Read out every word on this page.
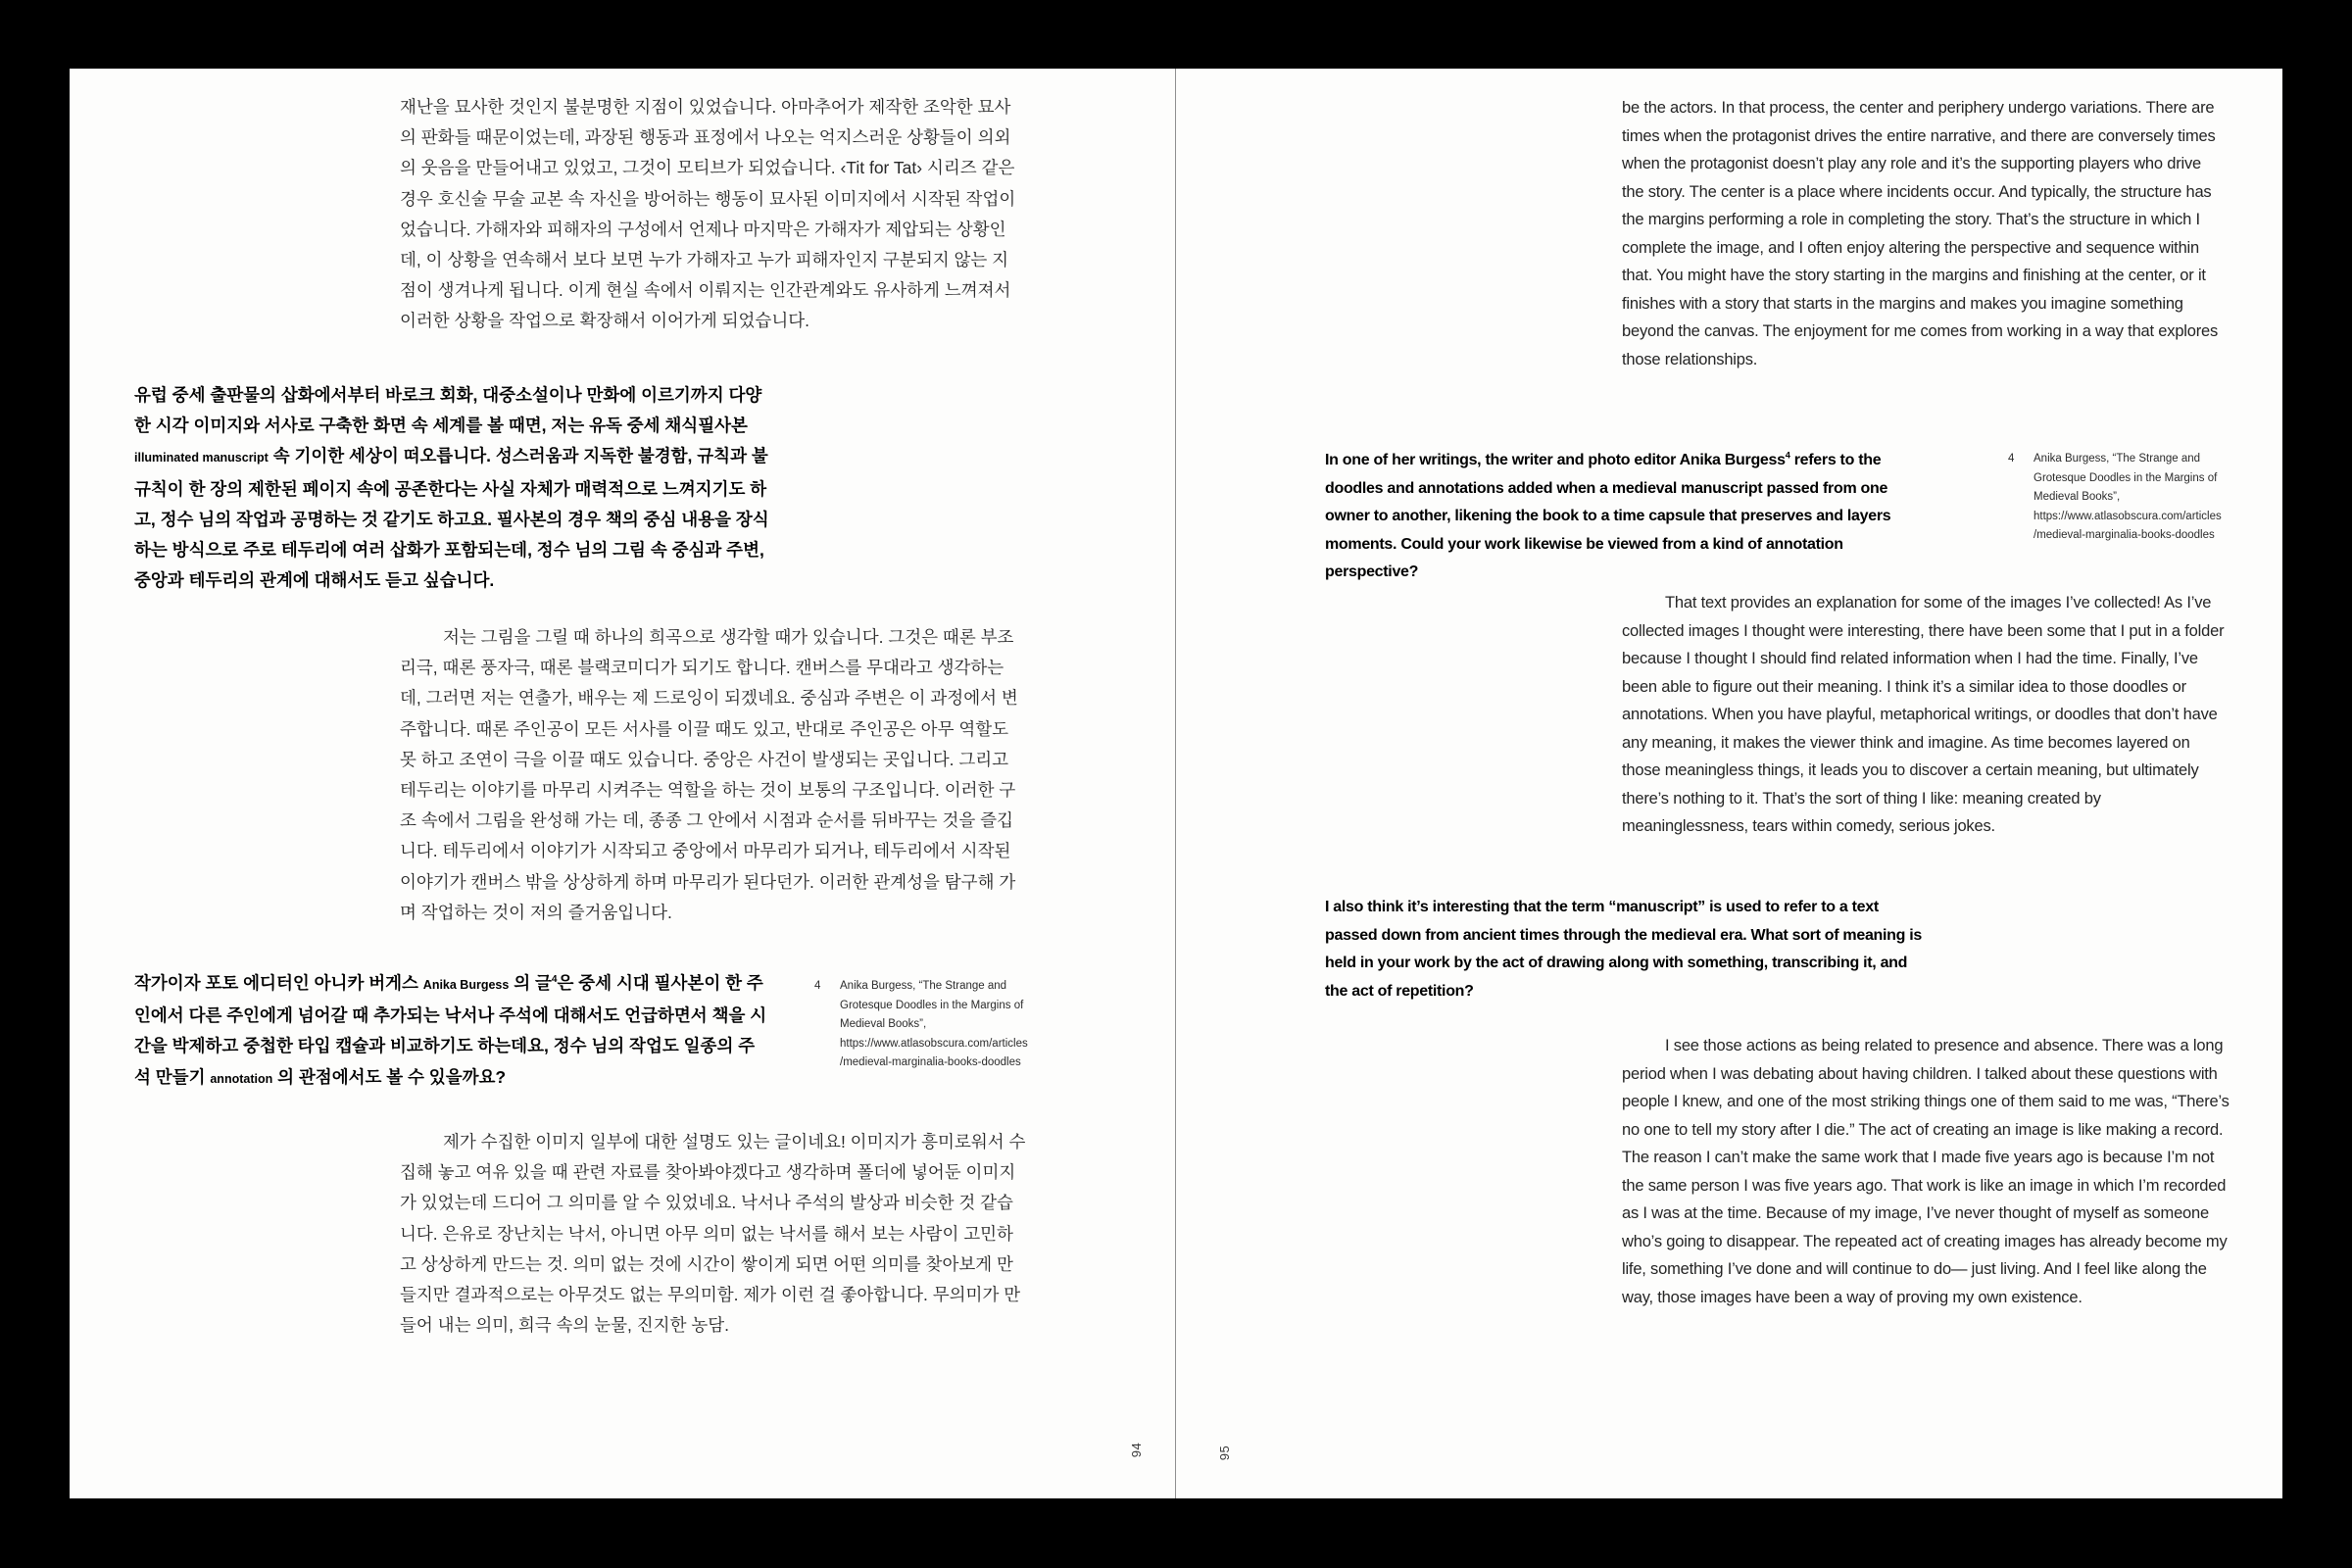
재난을 묘사한 것인지 불분명한 지점이 있었습니다. 아마추어가 제작한 조악한 묘사의 판화들 때문이었는데, 과장된 행동과 표정에서 나오는 억지스러운 상황들이 의외의 웃음을 만들어내고 있었고, 그것이 모티브가 되었습니다. ‹Tit for Tat› 시리즈 같은 경우 호신술 무술 교본 속 자신을 방어하는 행동이 묘사된 이미지에서 시작된 작업이었습니다. 가해자와 피해자의 구성에서 언제나 마지막은 가해자가 제압되는 상황인데, 이 상황을 연속해서 보다 보면 누가 가해자고 누가 피해자인지 구분되지 않는 지점이 생겨나게 됩니다. 이게 현실 속에서 이뤄지는 인간관계와도 유사하게 느껴져서 이러한 상황을 작업으로 확장해서 이어가게 되었습니다.
유럽 중세 출판물의 삽화에서부터 바로크 회화, 대중소설이나 만화에 이르기까지 다양한 시각 이미지와 서사로 구축한 화면 속 세계를 볼 때면, 저는 유독 중세 채식필사본 illuminated manuscript 속 기이한 세상이 떠오릅니다. 성스러움과 지독한 불경함, 규칙과 불규칙이 한 장의 제한된 페이지 속에 공존한다는 사실 자체가 매력적으로 느껴지기도 하고, 정수 님의 작업과 공명하는 것 같기도 하고요. 필사본의 경우 책의 중심 내용을 장식하는 방식으로 주로 테두리에 여러 삽화가 포함되는데, 정수 님의 그림 속 중심과 주변, 중앙과 테두리의 관계에 대해서도 듣고 싶습니다.
저는 그림을 그릴 때 하나의 희곡으로 생각할 때가 있습니다. 그것은 때론 부조리극, 때론 풍자극, 때론 블랙코미디가 되기도 합니다. 캔버스를 무대라고 생각하는데, 그러면 저는 연출가, 배우는 제 드로잉이 되겠네요. 중심과 주변은 이 과정에서 변주합니다. 때론 주인공이 모든 서사를 이끌 때도 있고, 반대로 주인공은 아무 역할도 못 하고 조연이 극을 이끌 때도 있습니다. 중앙은 사건이 발생되는 곳입니다. 그리고 테두리는 이야기를 마무리 시켜주는 역할을 하는 것이 보통의 구조입니다. 이러한 구조 속에서 그림을 완성해 가는 데, 종종 그 안에서 시점과 순서를 뒤바꾸는 것을 즐깁니다. 테두리에서 이야기가 시작되고 중앙에서 마무리가 되거나, 테두리에서 시작된 이야기가 캔버스 밖을 상상하게 하며 마무리가 된다던가. 이러한 관계성을 탐구해 가며 작업하는 것이 저의 즐거움입니다.
작가이자 포토 에디터인 아니카 버게스 Anika Burgess 의 글$^4$은 중세 시대 필사본이 한 주인에서 다른 주인에게 넘어갈 때 추가되는 낙서나 주석에 대해서도 언급하면서 책을 시간을 박제하고 중첩한 타입 캡슐과 비교하기도 하는데요, 정수 님의 작업도 일종의 주석 만들기 annotation 의 관점에서도 볼 수 있을까요?
4	Anika Burgess, “The Strange and Grotesque Doodles in the Margins of Medieval Books”, https://www.atlasobscura.com/articles/medieval-marginalia-books-doodles
제가 수집한 이미지 일부에 대한 설명도 있는 글이네요! 이미지가 흥미로워서 수집해 놓고 여유 있을 때 관련 자료를 찾아봐야겠다고 생각하며 폴더에 넣어둔 이미지가 있었는데 드디어 그 의미를 알 수 있었네요. 낙서나 주석의 발상과 비슷한 것 같습니다. 은유로 장난치는 낙서, 아니면 아무 의미 없는 낙서를 해서 보는 사람이 고민하고 상상하게 만드는 것. 의미 없는 것에 시간이 쌓이게 되면 어떤 의미를 찾아보게 만들지만 결과적으로는 아무것도 없는 무의미함. 제가 이런 걸 좋아합니다. 무의미가 만들어 내는 의미, 희극 속의 눈물, 진지한 농담.
be the actors. In that process, the center and periphery undergo variations. There are times when the protagonist drives the entire narrative, and there are conversely times when the protagonist doesn’t play any role and it’s the supporting players who drive the story. The center is a place where incidents occur. And typically, the structure has the margins performing a role in completing the story. That’s the structure in which I complete the image, and I often enjoy altering the perspective and sequence within that. You might have the story starting in the margins and finishing at the center, or it finishes with a story that starts in the margins and makes you imagine something beyond the canvas. The enjoyment for me comes from working in a way that explores those relationships.
In one of her writings, the writer and photo editor Anika Burgess$^4$ refers to the doodles and annotations added when a medieval manuscript passed from one owner to another, likening the book to a time capsule that preserves and layers moments. Could your work likewise be viewed from a kind of annotation perspective?
4	Anika Burgess, “The Strange and Grotesque Doodles in the Margins of Medieval Books”, https://www.atlasobscura.com/articles/medieval-marginalia-books-doodles
That text provides an explanation for some of the images I’ve collected! As I’ve collected images I thought were interesting, there have been some that I put in a folder because I thought I should find related information when I had the time. Finally, I’ve been able to figure out their meaning. I think it’s a similar idea to those doodles or annotations. When you have playful, metaphorical writings, or doodles that don’t have any meaning, it makes the viewer think and imagine. As time becomes layered on those meaningless things, it leads you to discover a certain meaning, but ultimately there’s nothing to it. That’s the sort of thing I like: meaning created by meaninglessness, tears within comedy, serious jokes.
I also think it’s interesting that the term “manuscript” is used to refer to a text passed down from ancient times through the medieval era. What sort of meaning is held in your work by the act of drawing along with something, transcribing it, and the act of repetition?
I see those actions as being related to presence and absence. There was a long period when I was debating about having children. I talked about these questions with people I knew, and one of the most striking things one of them said to me was, “There’s no one to tell my story after I die.” The act of creating an image is like making a record. The reason I can’t make the same work that I made five years ago is because I’m not the same person I was five years ago. That work is like an image in which I’m recorded as I was at the time. Because of my image, I’ve never thought of myself as someone who’s going to disappear. The repeated act of creating images has already become my life, something I’ve done and will continue to do— just living. And I feel like along the way, those images have been a way of proving my own existence.
94	95
